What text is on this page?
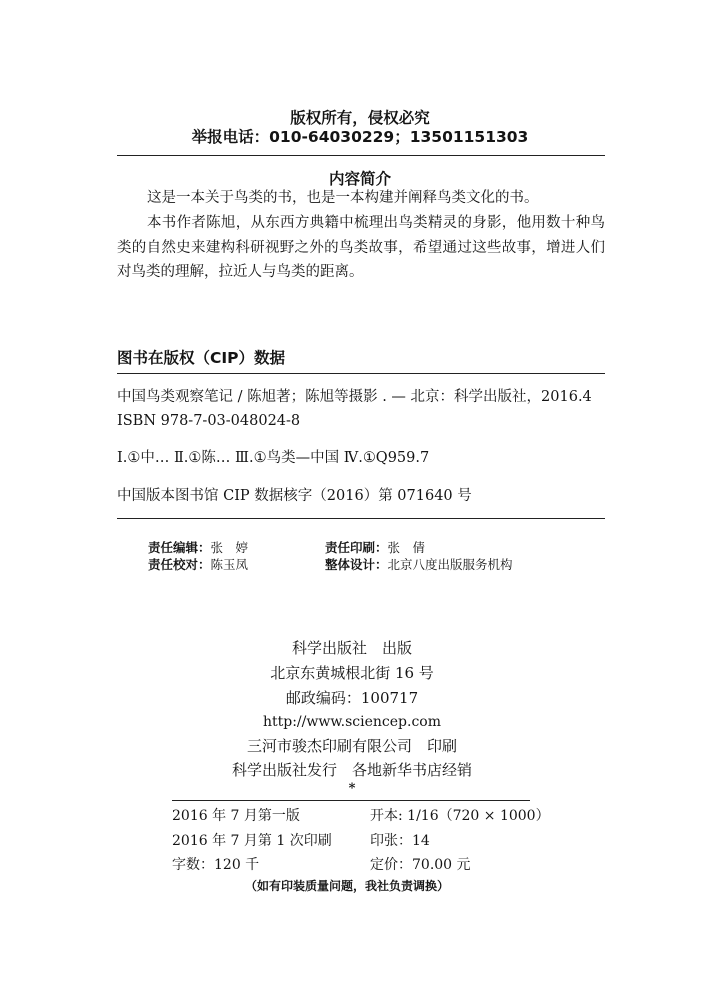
版权所有，侵权必究
举报电话：010-64030229；13501151303
内容简介
这是一本关于鸟类的书，也是一本构建并阐释鸟类文化的书。
本书作者陈旭，从东西方典籍中梳理出鸟类精灵的身影，他用数十种鸟
类的自然史来建构科研视野之外的鸟类故事，希望通过这些故事，增进人们
对鸟类的理解，拉近人与鸟类的距离。
图书在版权（CIP）数据
中国鸟类观察笔记 / 陈旭著；陈旭等摄影 . — 北京：科学出版社，2016.4
ISBN 978-7-03-048024-8
Ⅰ.①中… Ⅱ.①陈… Ⅲ.①鸟类—中国 Ⅳ.①Q959.7
中国版本图书馆 CIP 数据核字（2016）第 071640 号
责任编辑：张　婷	责任印刷：张　倩
责任校对：陈玉凤	整体设计：北京八度出版服务机构
科学出版社　出版
北京东黄城根北街 16 号
邮政编码：100717
http://www.sciencep.com
三河市骏杰印刷有限公司　印刷
科学出版社发行　各地新华书店经销
*
2016 年 7 月第一版	开本: 1/16（720 × 1000）
2016 年 7 月第 1 次印刷	印张：14
字数：120 千	定价：70.00 元
（如有印装质量问题，我社负责调换）
